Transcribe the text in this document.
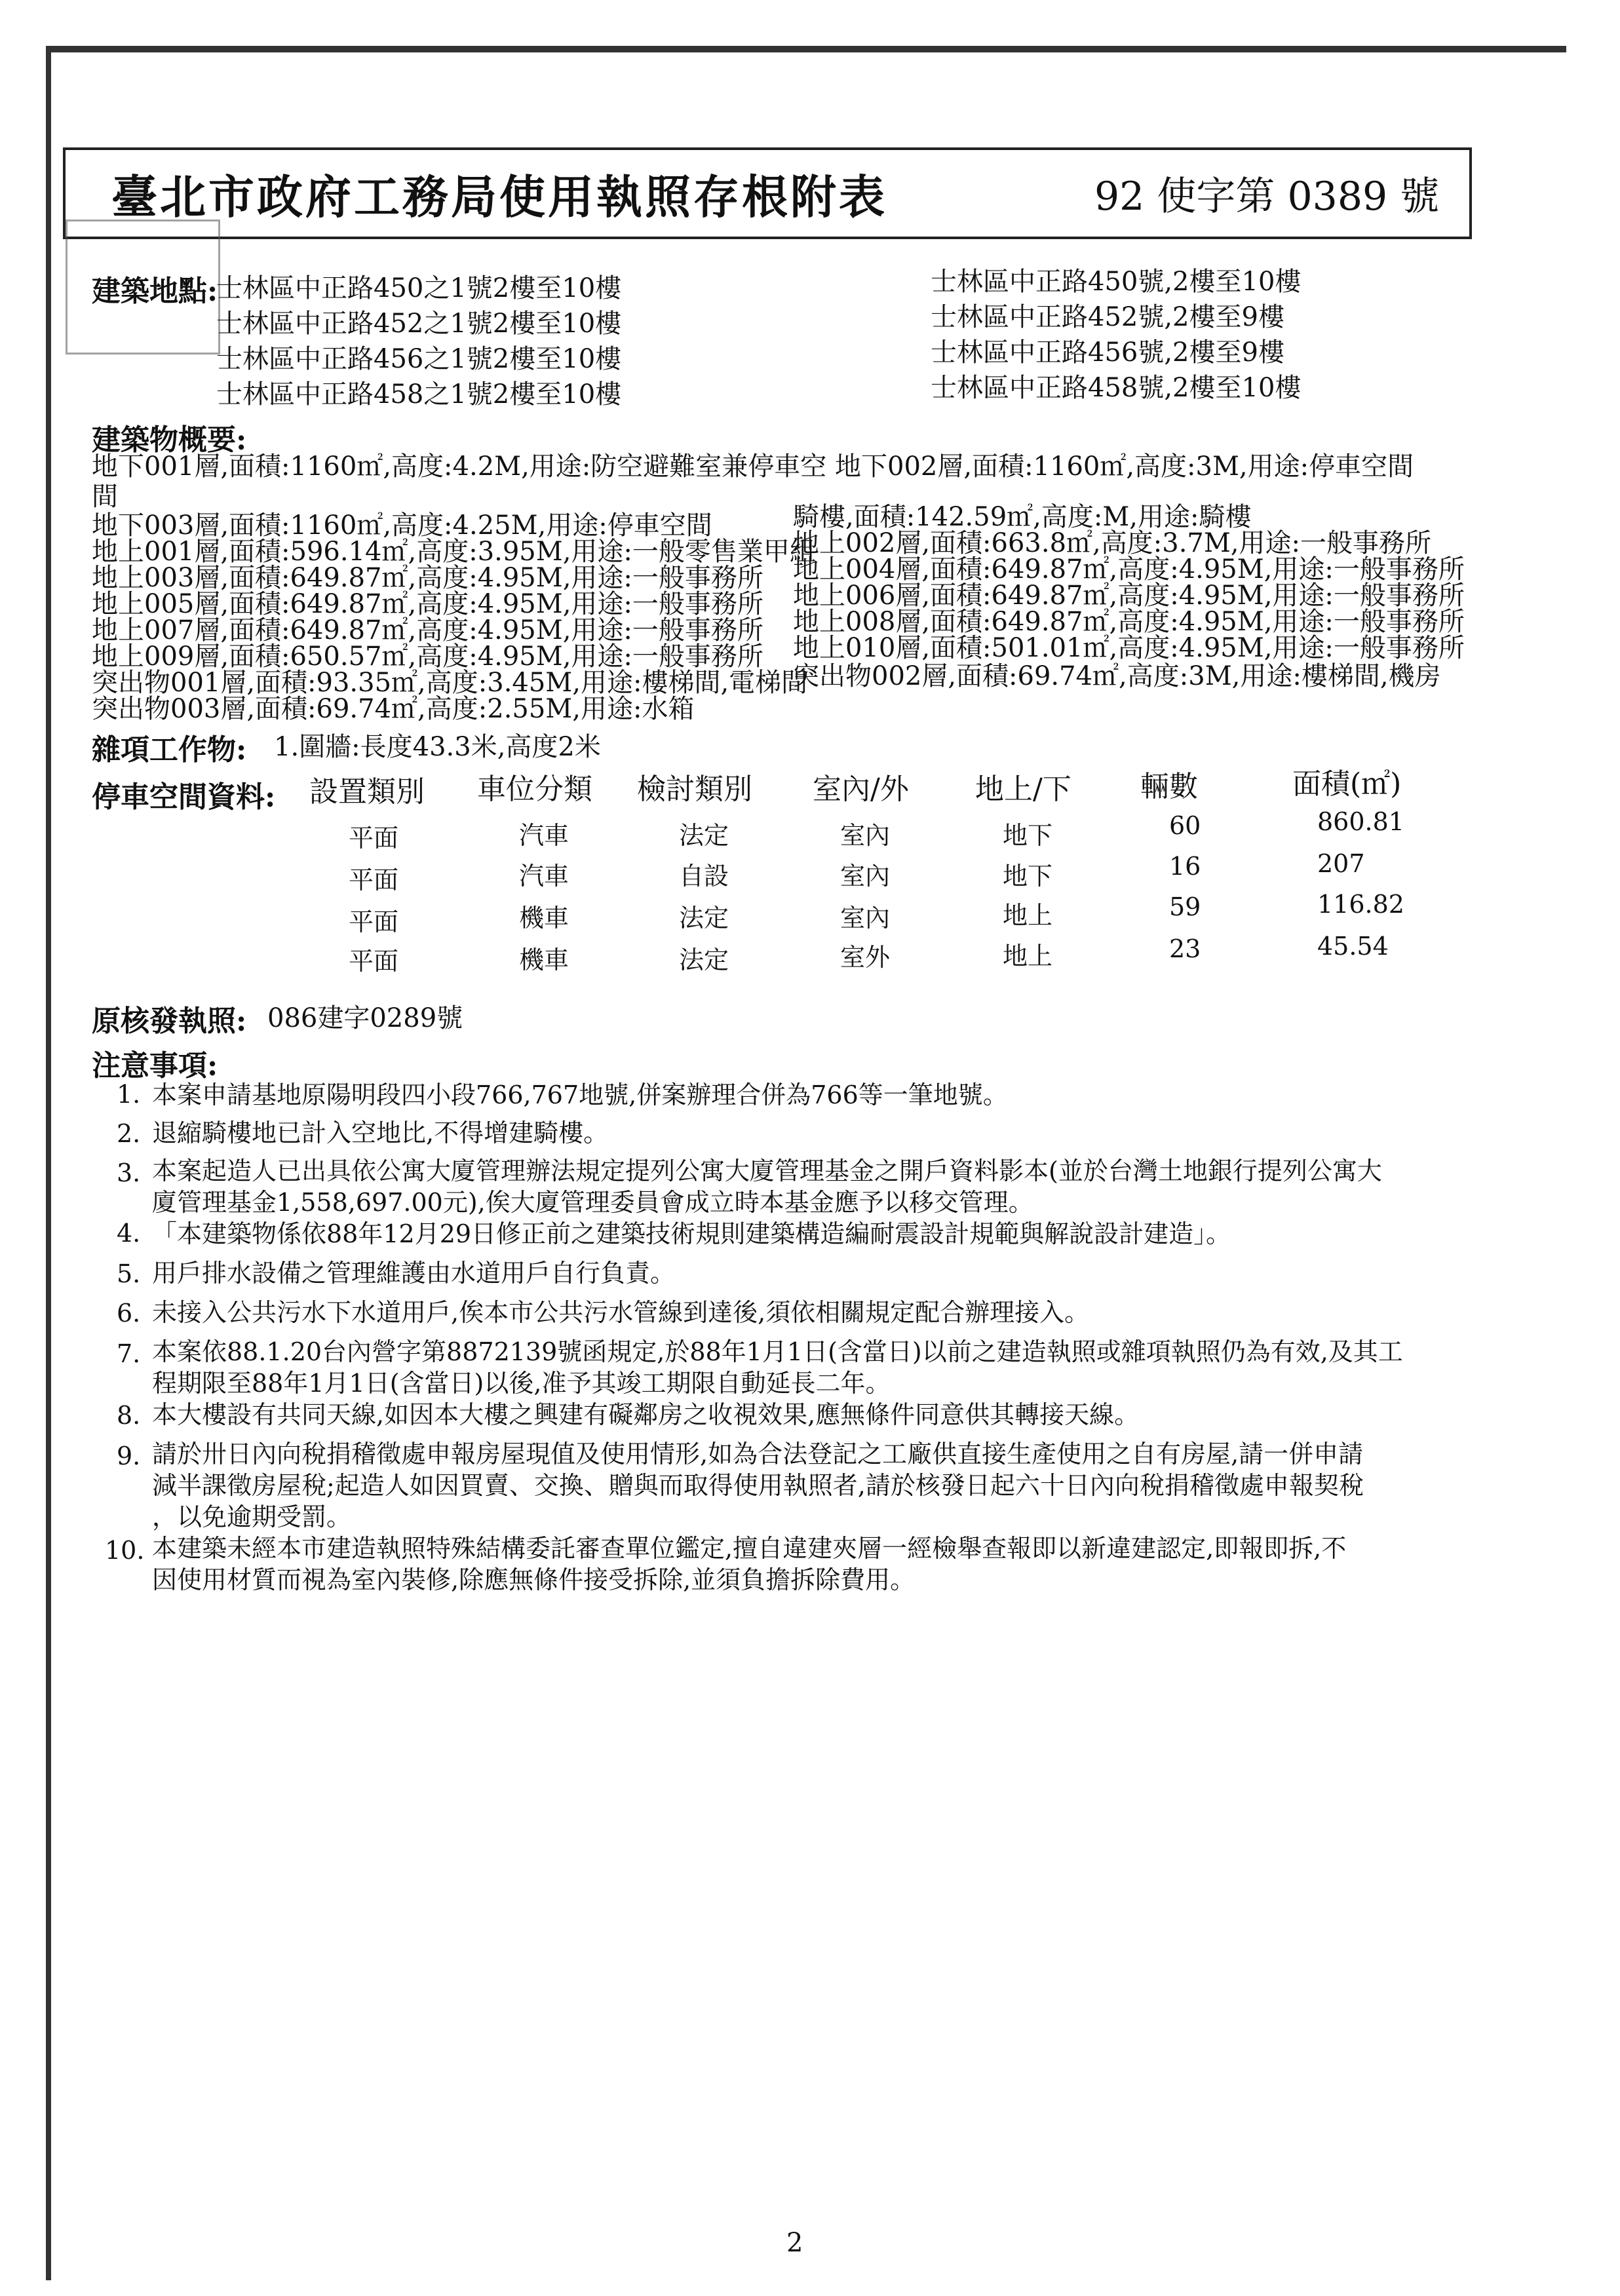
臺北市政府工務局使用執照存根附表	92 使字第 0389 號
建築地點:
士林區中正路450之1號2樓至10樓
士林區中正路452之1號2樓至10樓
士林區中正路456之1號2樓至10樓
士林區中正路458之1號2樓至10樓
士林區中正路450號,2樓至10樓
士林區中正路452號,2樓至9樓
士林區中正路456號,2樓至9樓
士林區中正路458號,2樓至10樓
建築物概要:
地下001層,面積:1160㎡,高度:4.2M,用途:防空避難室兼停車空 地下002層,面積:1160㎡,高度:3M,用途:停車空間
間
地下003層,面積:1160㎡,高度:4.25M,用途:停車空間
地上001層,面積:596.14㎡,高度:3.95M,用途:一般零售業甲組
地上003層,面積:649.87㎡,高度:4.95M,用途:一般事務所
地上005層,面積:649.87㎡,高度:4.95M,用途:一般事務所
地上007層,面積:649.87㎡,高度:4.95M,用途:一般事務所
地上009層,面積:650.57㎡,高度:4.95M,用途:一般事務所
突出物001層,面積:93.35㎡,高度:3.45M,用途:樓梯間,電梯間
突出物003層,面積:69.74㎡,高度:2.55M,用途:水箱
騎樓,面積:142.59㎡,高度:M,用途:騎樓
地上002層,面積:663.8㎡,高度:3.7M,用途:一般事務所
地上004層,面積:649.87㎡,高度:4.95M,用途:一般事務所
地上006層,面積:649.87㎡,高度:4.95M,用途:一般事務所
地上008層,面積:649.87㎡,高度:4.95M,用途:一般事務所
地上010層,面積:501.01㎡,高度:4.95M,用途:一般事務所
突出物002層,面積:69.74㎡,高度:3M,用途:樓梯間,機房
雜項工作物: 1.圍牆:長度43.3米,高度2米
停車空間資料: 設置類別 車位分類 檢討類別 室內/外 地上/下 輛數	面積(㎡)
平面	汽車	法定	室內	地下	60	860.81
平面	汽車	自設	室內	地下	16	207
平面	機車	法定	室內	地上	59	116.82
平面	機車	法定	室外	地上	23	45.54
原核發執照: 086建字0289號
注意事項:
1. 本案申請基地原陽明段四小段766,767地號,併案辦理合併為766等一筆地號。
2. 退縮騎樓地已計入空地比,不得增建騎樓。
3. 本案起造人已出具依公寓大廈管理辦法規定提列公寓大廈管理基金之開戶資料影本(並於台灣土地銀行提列公寓大
廈管理基金1,558,697.00元),俟大廈管理委員會成立時本基金應予以移交管理。
4. 「本建築物係依88年12月29日修正前之建築技術規則建築構造編耐震設計規範與解說設計建造」。
5. 用戶排水設備之管理維護由水道用戶自行負責。
6. 未接入公共污水下水道用戶,俟本市公共污水管線到達後,須依相關規定配合辦理接入。
7. 本案依88.1.20台內營字第8872139號函規定,於88年1月1日(含當日)以前之建造執照或雜項執照仍為有效,及其工
程期限至88年1月1日(含當日)以後,准予其竣工期限自動延長二年。
8. 本大樓設有共同天線,如因本大樓之興建有礙鄰房之收視效果,應無條件同意供其轉接天線。
9. 請於卅日內向稅捐稽徵處申報房屋現值及使用情形,如為合法登記之工廠供直接生產使用之自有房屋,請一併申請
減半課徵房屋稅;起造人如因買賣、交換、贈與而取得使用執照者,請於核發日起六十日內向稅捐稽徵處申報契稅
，以免逾期受罰。
10. 本建築未經本市建造執照特殊結構委託審查單位鑑定,擅自違建夾層一經檢舉查報即以新違建認定,即報即拆,不
因使用材質而視為室內裝修,除應無條件接受拆除,並須負擔拆除費用。
2
